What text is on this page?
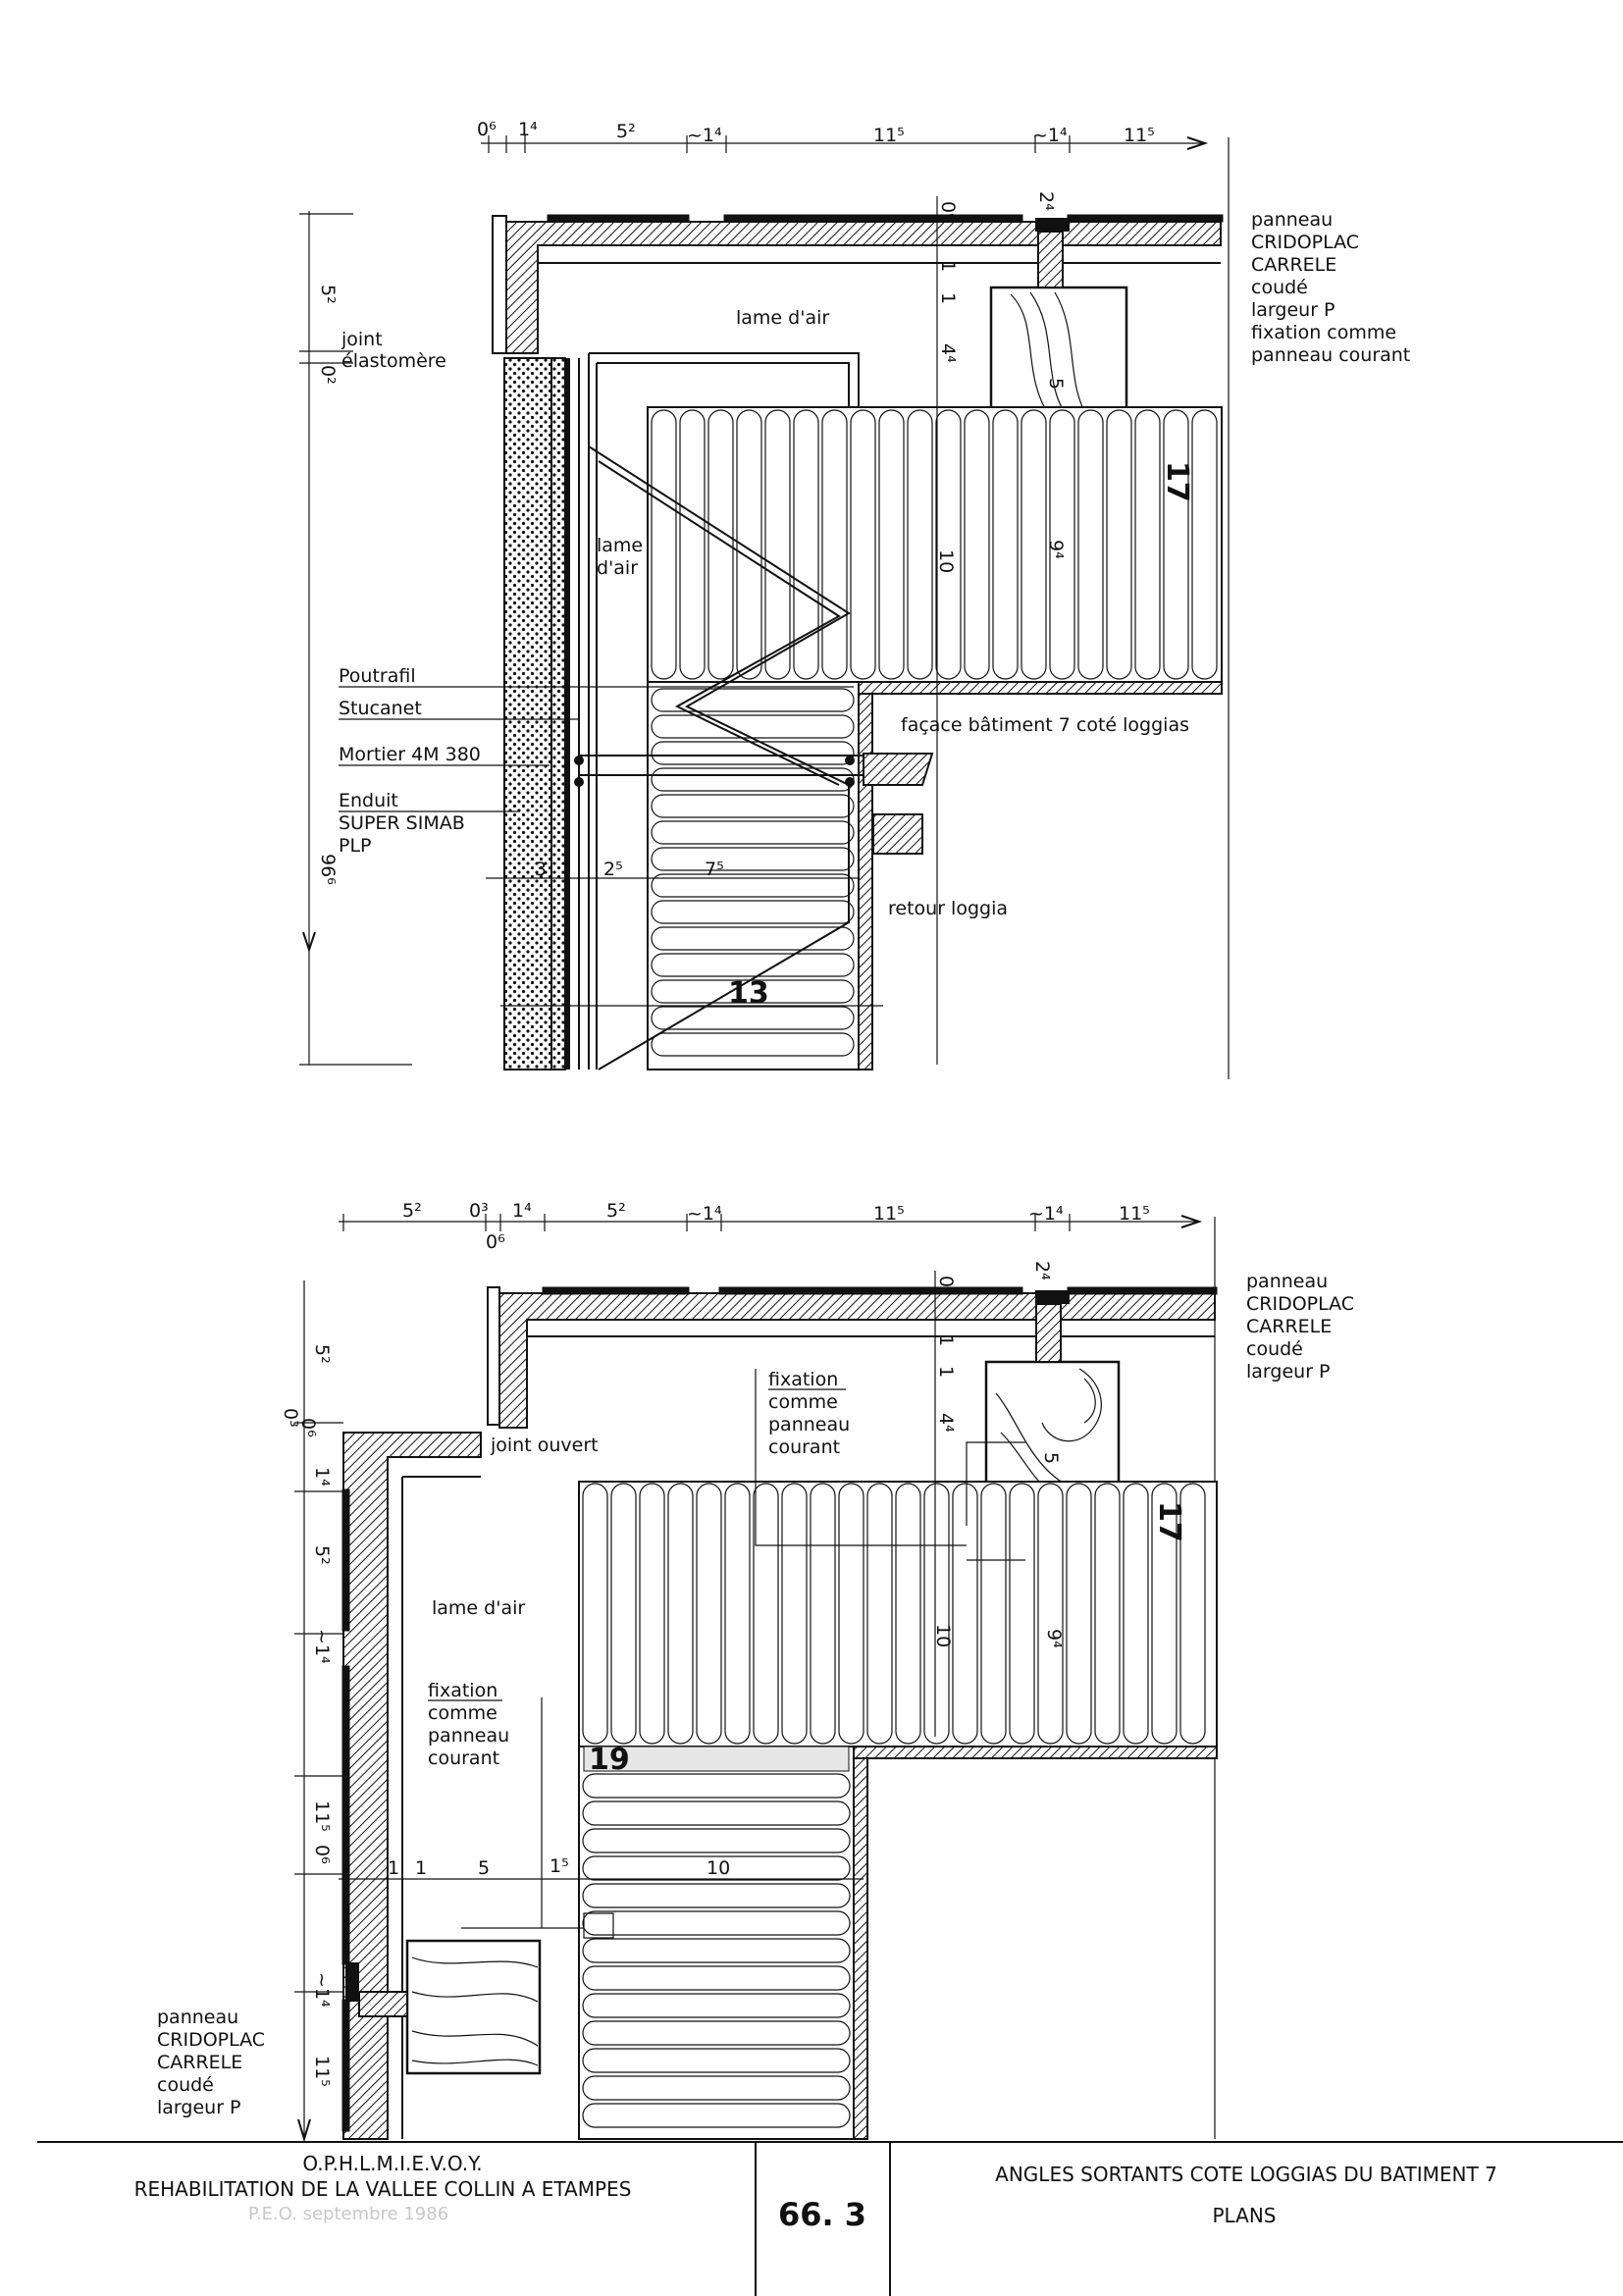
0⁶ 1⁴	5²	~1⁴	11⁵	~1⁴	11⁵
5²
0²
96⁶
17
13
0⁶
1
1
4⁴
5
10
9⁴
2⁴
3	2⁵	7⁵
panneau
CRIDOPLAC
CARRELE
coudé
largeur P
fixation comme
panneau courant
lame d'air
lame
d'air
joint
élastomère
Poutrafil
Stucanet
Mortier 4M 380
Enduit
SUPER SIMAB
PLP
façace bâtiment 7 coté loggias
retour loggia
5²	0³ 1⁴
0⁶
5²	~1⁴	11⁵	~1⁴	11⁵
5²
0³
0⁶
1⁴
5²
~1⁴
11⁵
0⁶
~1⁴
11⁵
17
19
0⁶
1
1
4⁴
5
10	9⁴
2⁴
1 1	5	1⁵	10
panneau
CRIDOPLAC
CARRELE
coudé
largeur P
panneau
CRIDOPLAC
CARRELE
coudé
largeur P
joint ouvert
lame d'air
fixation
comme
panneau
courant
fixation
comme
panneau
courant
O.P.H.L.M.I.E.V.O.Y.
REHABILITATION DE LA VALLEE COLLIN A ETAMPES
P.E.O. septembre 1986	66. 3
ANGLES SORTANTS COTE LOGGIAS DU BATIMENT 7
PLANS
